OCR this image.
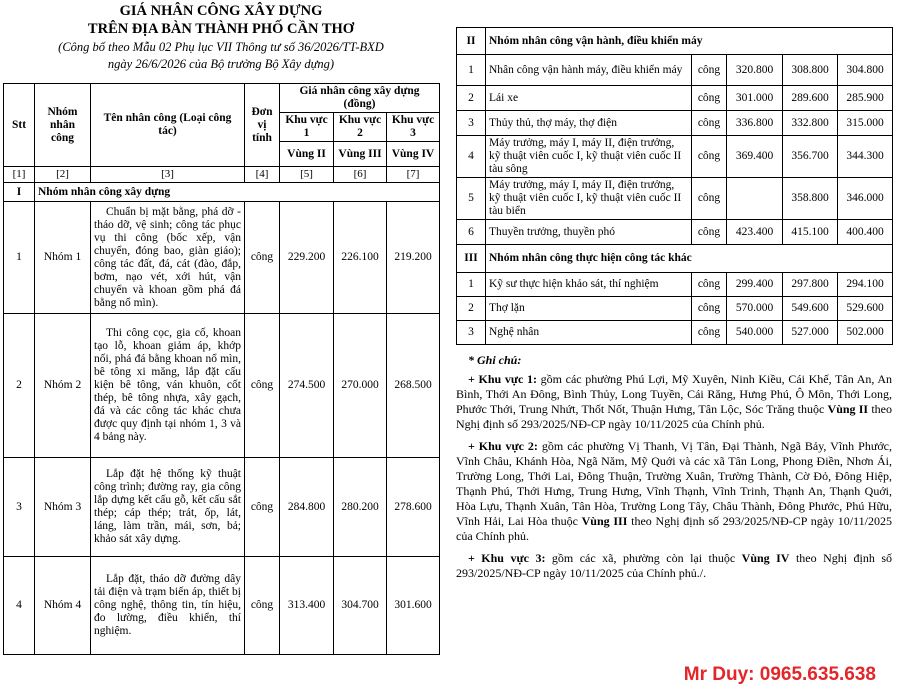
GIÁ NHÂN CÔNG XÂY DỰNG
TRÊN ĐỊA BÀN THÀNH PHỐ CẦN THƠ
(Công bố theo Mẫu 02 Phụ lục VII Thông tư số 36/2026/TT-BXD
ngày 26/6/2026 của Bộ trưởng Bộ Xây dựng)
Stt	Nhóm nhân công	Tên nhân công (Loại công tác)	Đơn vị tính	Giá nhân công xây dựng (đồng)		
				Khu vực 1	Khu vực 2	Khu vực 3
				Vùng II	Vùng III	Vùng IV
[1]	[2]	[3]	[4]	[5]	[6]	[7]
I	Nhóm nhân công xây dựng					
1	Nhóm 1	Chuẩn bị mặt bằng, phá dỡ - tháo dỡ, vệ sinh; công tác phục vụ thi công (bốc xếp, vận chuyển, đóng bao, giàn giáo); công tác đất, đá, cát (đào, đắp, bơm, nạo vét, xới hút, vận chuyển và khoan gồm phá đá bằng nổ mìn).	công	229.200	226.100	219.200
2	Nhóm 2	Thi công cọc, gia cố, khoan tạo lỗ, khoan giảm áp, khớp nối, phá đá bằng khoan nổ mìn, bê tông xi măng, lắp đặt cấu kiện bê tông, ván khuôn, cốt thép, bê tông nhựa, xây gạch, đá và các công tác khác chưa được quy định tại nhóm 1, 3 và 4 bảng này.	công	274.500	270.000	268.500
3	Nhóm 3	Lắp đặt hệ thống kỹ thuật công trình; đường ray, gia công lắp dựng kết cấu gỗ, kết cấu sắt thép; cáp thép; trát, ốp, lát, láng, làm trần, mái, sơn, bả; khảo sát xây dựng.	công	284.800	280.200	278.600
4	Nhóm 4	Lắp đặt, tháo dỡ đường dây tải điện và trạm biến áp, thiết bị công nghệ, thông tin, tín hiệu, đo lường, điều khiển, thí nghiệm.	công	313.400	304.700	301.600
II	Nhóm nhân công vận hành, điều khiển máy				
1	Nhân công vận hành máy, điều khiển máy	công	320.800	308.800	304.800
2	Lái xe	công	301.000	289.600	285.900
3	Thủy thủ, thợ máy, thợ điện	công	336.800	332.800	315.000
4	Máy trưởng, máy I, máy II, điện trưởng, kỹ thuật viên cuốc I, kỹ thuật viên cuốc II tàu sông	công	369.400	356.700	344.300
5	Máy trưởng, máy I, máy II, điện trưởng, kỹ thuật viên cuốc I, kỹ thuật viên cuốc II tàu biển	công		358.800	346.000
6	Thuyền trưởng, thuyền phó	công	423.400	415.100	400.400
III	Nhóm nhân công thực hiện công tác khác				
1	Kỹ sư thực hiện khảo sát, thí nghiệm	công	299.400	297.800	294.100
2	Thợ lặn	công	570.000	549.600	529.600
3	Nghệ nhân	công	540.000	527.000	502.000

* Ghi chú:

+ Khu vực 1: gồm các phường Phú Lợi, Mỹ Xuyên, Ninh Kiều, Cái Khế, Tân An, An Bình, Thới An Đông, Bình Thủy, Long Tuyền, Cái Răng, Hưng Phú, Ô Môn, Thới Long, Phước Thới, Trung Nhứt, Thốt Nốt, Thuận Hưng, Tân Lộc, Sóc Trăng thuộc Vùng II theo Nghị định số 293/2025/NĐ-CP ngày 10/11/2025 của Chính phủ.

+ Khu vực 2: gồm các phường Vị Thanh, Vị Tân, Đại Thành, Ngã Bảy, Vĩnh Phước, Vĩnh Châu, Khánh Hòa, Ngã Năm, Mỹ Quới và các xã Tân Long, Phong Điền, Nhơn Ái, Trường Long, Thới Lai, Đông Thuận, Trường Xuân, Trường Thành, Cờ Đỏ, Đông Hiệp, Thạnh Phú, Thới Hưng, Trung Hưng, Vĩnh Thạnh, Vĩnh Trinh, Thạnh An, Thạnh Quới, Hòa Lựu, Thạnh Xuân, Tân Hòa, Trường Long Tây, Châu Thành, Đông Phước, Phú Hữu, Vĩnh Hải, Lai Hòa thuộc Vùng III theo Nghị định số 293/2025/NĐ-CP ngày 10/11/2025 của Chính phủ.

+ Khu vực 3: gồm các xã, phường còn lại thuộc Vùng IV theo Nghị định số 293/2025/NĐ-CP ngày 10/11/2025 của Chính phủ./.

Mr Duy: 0965.635.638
